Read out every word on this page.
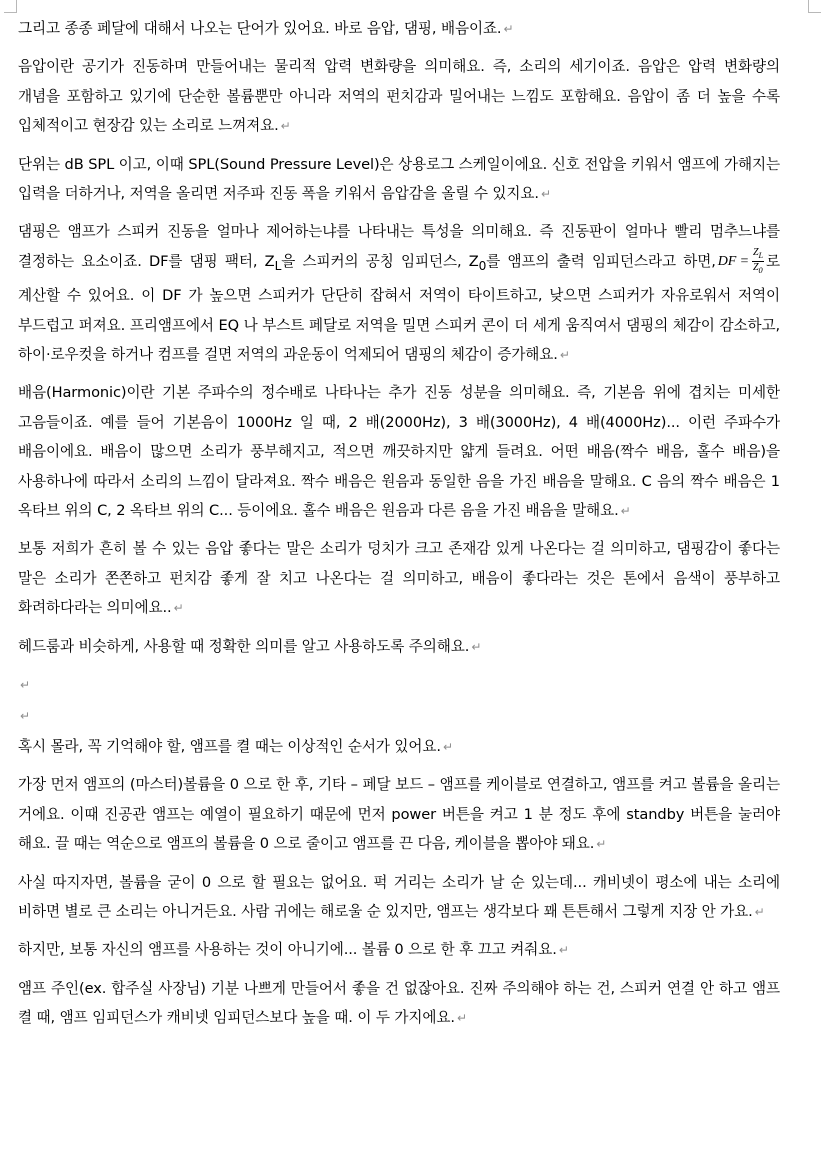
그리고 종종 페달에 대해서 나오는 단어가 있어요. 바로 음압, 댐핑, 배음이죠. ↵

음압이란 공기가 진동하며 만들어내는 물리적 압력 변화량을 의미해요. 즉, 소리의 세기이죠. 음압은 압력 변화량의 개념을 포함하고 있기에 단순한 볼륨뿐만 아니라 저역의 펀치감과 밀어내는 느낌도 포함해요. 음압이 좀 더 높을 수록 입체적이고 현장감 있는 소리로 느껴져요. ↵

단위는 dB SPL 이고, 이때 SPL(Sound Pressure Level)은 상용로그 스케일이에요. 신호 전압을 키워서 앰프에 가해지는 입력을 더하거나, 저역을 올리면 저주파 진동 폭을 키워서 음압감을 올릴 수 있지요. ↵

댐핑은 앰프가 스피커 진동을 얼마나 제어하는냐를 나타내는 특성을 의미해요. 즉 진동판이 얼마나 빨리 멈추느냐를 결정하는 요소이죠. DF를 댐핑 팩터, $Z_L$을 스피커의 공칭 임피던스, $Z_0$를 앰프의 출력 임피던스라고 하면, DF = $\frac{Z_L}{Z_0}$ 로 계산할 수 있어요. 이 DF 가 높으면 스피커가 단단히 잡혀서 저역이 타이트하고, 낮으면 스피커가 자유로워서 저역이 부드럽고 퍼져요. 프리앰프에서 EQ 나 부스트 페달로 저역을 밀면 스피커 콘이 더 세게 움직여서 댐핑의 체감이 감소하고, 하이·로우컷을 하거나 컴프를 걸면 저역의 과운동이 억제되어 댐핑의 체감이 증가해요. ↵

배음(Harmonic)이란 기본 주파수의 정수배로 나타나는 추가 진동 성분을 의미해요. 즉, 기본음 위에 겹치는 미세한 고음들이죠. 예를 들어 기본음이 1000Hz 일 때, 2 배(2000Hz), 3 배(3000Hz), 4 배(4000Hz)... 이런 주파수가 배음이에요. 배음이 많으면 소리가 풍부해지고, 적으면 깨끗하지만 얇게 들려요. 어떤 배음(짝수 배음, 홀수 배음)을 사용하나에 따라서 소리의 느낌이 달라져요. 짝수 배음은 원음과 동일한 음을 가진 배음을 말해요. C 음의 짝수 배음은 1 옥타브 위의 C, 2 옥타브 위의 C... 등이에요. 홀수 배음은 원음과 다른 음을 가진 배음을 말해요. ↵

보통 저희가 흔히 볼 수 있는 음압 좋다는 말은 소리가 덩치가 크고 존재감 있게 나온다는 걸 의미하고, 댐핑감이 좋다는 말은 소리가 쫀쫀하고 펀치감 좋게 잘 치고 나온다는 걸 의미하고, 배음이 좋다라는 것은 톤에서 음색이 풍부하고 화려하다라는 의미에요.. ↵

헤드룸과 비슷하게, 사용할 때 정확한 의미를 알고 사용하도록 주의해요. ↵

↵

↵

혹시 몰라, 꼭 기억해야 할, 앰프를 켤 때는 이상적인 순서가 있어요. ↵

가장 먼저 앰프의 (마스터)볼륨을 0 으로 한 후, 기타 – 페달 보드 – 앰프를 케이블로 연결하고, 앰프를 켜고 볼륨을 올리는 거에요. 이때 진공관 앰프는 예열이 필요하기 때문에 먼저 power 버튼을 켜고 1 분 정도 후에 standby 버튼을 눌러야 해요. 끌 때는 역순으로 앰프의 볼륨을 0 으로 줄이고 앰프를 끈 다음, 케이블을 뽑아야 돼요. ↵

사실 따지자면, 볼륨을 굳이 0 으로 할 필요는 없어요. 퍽 거리는 소리가 날 순 있는데... 캐비넷이 평소에 내는 소리에 비하면 별로 큰 소리는 아니거든요. 사람 귀에는 해로울 순 있지만, 앰프는 생각보다 꽤 튼튼해서 그렇게 지장 안 가요. ↵

하지만, 보통 자신의 앰프를 사용하는 것이 아니기에... 볼륨 0 으로 한 후 끄고 켜줘요. ↵

앰프 주인(ex. 합주실 사장님) 기분 나쁘게 만들어서 좋을 건 없잖아요. 진짜 주의해야 하는 건, 스피커 연결 안 하고 앰프 켤 때, 앰프 임피던스가 캐비넷 임피던스보다 높을 때. 이 두 가지에요. ↵
